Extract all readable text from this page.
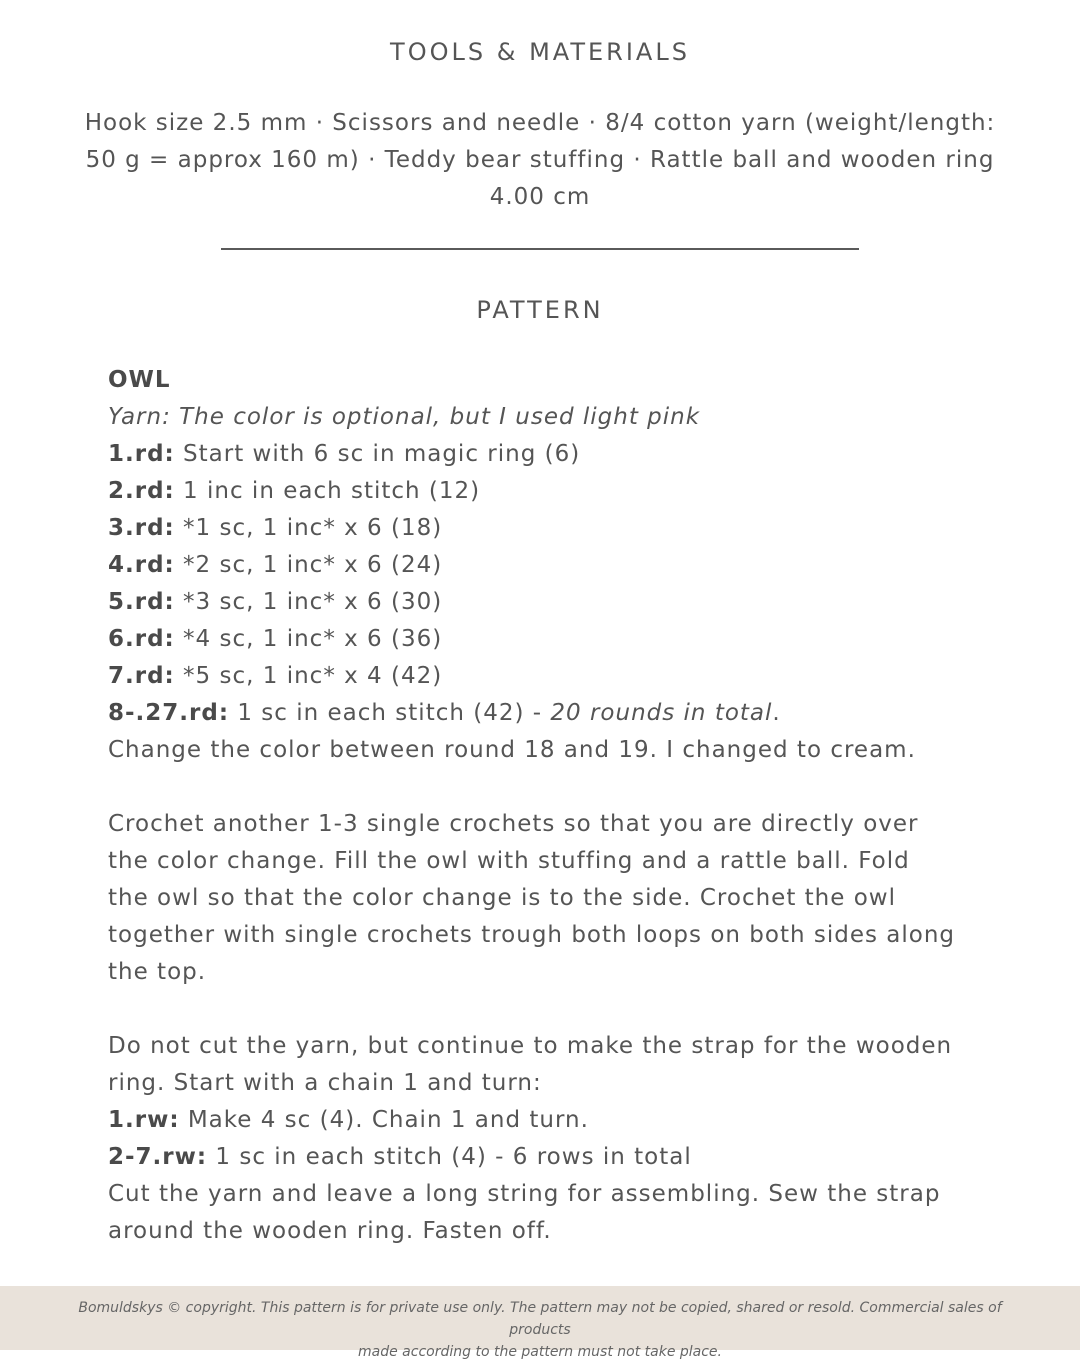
TOOLS & MATERIALS
Hook size 2.5 mm · Scissors and needle · 8/4 cotton yarn (weight/length:
50 g = approx 160 m) · Teddy bear stuffing · Rattle ball and wooden ring
4.00 cm
PATTERN
OWL
Yarn: The color is optional, but I used light pink
1.rd: Start with 6 sc in magic ring (6)
2.rd: 1 inc in each stitch (12)
3.rd: *1 sc, 1 inc* x 6 (18)
4.rd: *2 sc, 1 inc* x 6 (24)
5.rd: *3 sc, 1 inc* x 6 (30)
6.rd: *4 sc, 1 inc* x 6 (36)
7.rd: *5 sc, 1 inc* x 4 (42)
8-.27.rd: 1 sc in each stitch (42) - 20 rounds in total.
Change the color between round 18 and 19. I changed to cream.
Crochet another 1-3 single crochets so that you are directly over
the color change. Fill the owl with stuffing and a rattle ball. Fold
the owl so that the color change is to the side. Crochet the owl
together with single crochets trough both loops on both sides along
the top.
Do not cut the yarn, but continue to make the strap for the wooden
ring. Start with a chain 1 and turn:
1.rw: Make 4 sc (4). Chain 1 and turn.
2-7.rw: 1 sc in each stitch (4) - 6 rows in total
Cut the yarn and leave a long string for assembling. Sew the strap
around the wooden ring. Fasten off.
Bomuldskys © copyright. This pattern is for private use only. The pattern may not be copied, shared or resold. Commercial sales of products
made according to the pattern must not take place.
